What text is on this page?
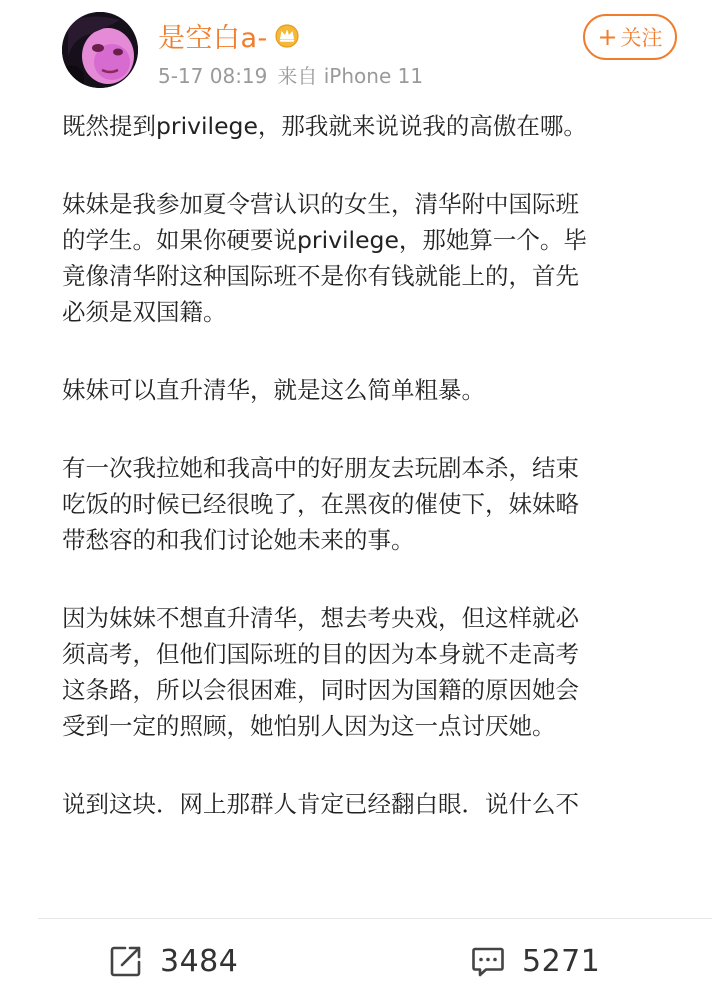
是空白a-
5-17 08:19 来自 iPhone 11
+ 关注

既然提到privilege，那我就来说说我的高傲在哪。

妹妹是我参加夏令营认识的女生，清华附中国际班
的学生。如果你硬要说privilege，那她算一个。毕
竟像清华附这种国际班不是你有钱就能上的，首先
必须是双国籍。

妹妹可以直升清华，就是这么简单粗暴。

有一次我拉她和我高中的好朋友去玩剧本杀，结束
吃饭的时候已经很晚了，在黑夜的催使下，妹妹略
带愁容的和我们讨论她未来的事。

因为妹妹不想直升清华，想去考央戏，但这样就必
须高考，但他们国际班的目的因为本身就不走高考
这条路，所以会很困难，同时因为国籍的原因她会
受到一定的照顾，她怕别人因为这一点讨厌她。

说到这块．网上那群人肯定已经翻白眼．说什么不

3484	5271
